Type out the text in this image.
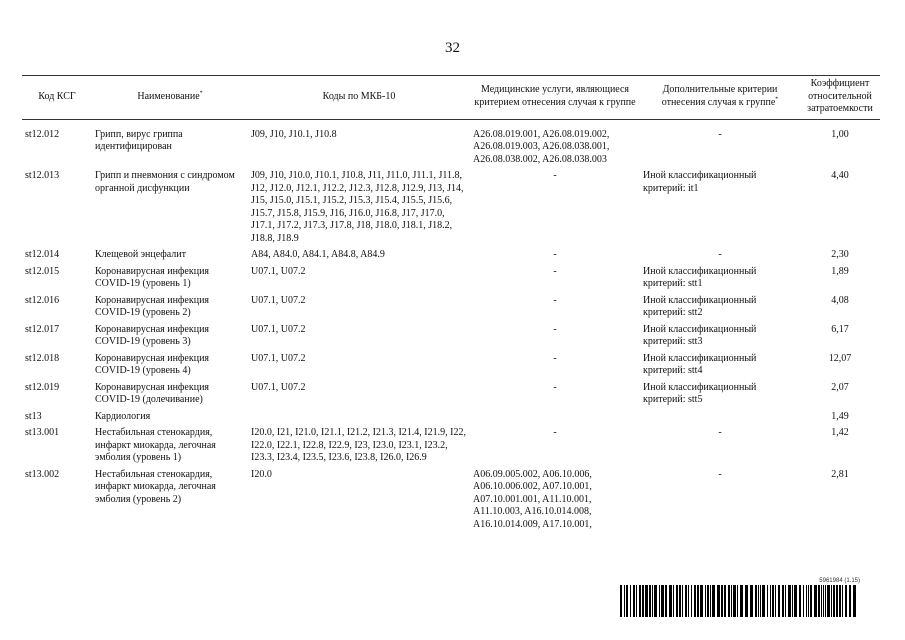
32
Код КСГ	Наименование*	Коды по МКБ-10	Медицинские услуги, являющиеся критерием отнесения случая к группе	Дополнительные критерии отнесения случая к группе*	Коэффициент относительной затратоемкости
st12.012	Грипп, вирус гриппа идентифицирован	J09, J10, J10.1, J10.8	A26.08.019.001, A26.08.019.002, A26.08.019.003, A26.08.038.001, A26.08.038.002, A26.08.038.003	-	1,00
st12.013	Грипп и пневмония с синдромом органной дисфункции	J09, J10, J10.0, J10.1, J10.8, J11, J11.0, J11.1, J11.8, J12, J12.0, J12.1, J12.2, J12.3, J12.8, J12.9, J13, J14, J15, J15.0, J15.1, J15.2, J15.3, J15.4, J15.5, J15.6, J15.7, J15.8, J15.9, J16, J16.0, J16.8, J17, J17.0, J17.1, J17.2, J17.3, J17.8, J18, J18.0, J18.1, J18.2, J18.8, J18.9	-	Иной классификационный критерий: it1	4,40
st12.014	Клещевой энцефалит	A84, A84.0, A84.1, A84.8, A84.9	-	-	2,30
st12.015	Коронавирусная инфекция COVID-19 (уровень 1)	U07.1, U07.2	-	Иной классификационный критерий: stt1	1,89
st12.016	Коронавирусная инфекция COVID-19 (уровень 2)	U07.1, U07.2	-	Иной классификационный критерий: stt2	4,08
st12.017	Коронавирусная инфекция COVID-19 (уровень 3)	U07.1, U07.2	-	Иной классификационный критерий: stt3	6,17
st12.018	Коронавирусная инфекция COVID-19 (уровень 4)	U07.1, U07.2	-	Иной классификационный критерий: stt4	12,07
st12.019	Коронавирусная инфекция COVID-19 (долечивание)	U07.1, U07.2	-	Иной классификационный критерий: stt5	2,07
st13	Кардиология				1,49
st13.001	Нестабильная стенокардия, инфаркт миокарда, легочная эмболия (уровень 1)	I20.0, I21, I21.0, I21.1, I21.2, I21.3, I21.4, I21.9, I22, I22.0, I22.1, I22.8, I22.9, I23, I23.0, I23.1, I23.2, I23.3, I23.4, I23.5, I23.6, I23.8, I26.0, I26.9	-	-	1,42
st13.002	Нестабильная стенокардия, инфаркт миокарда, легочная эмболия (уровень 2)	I20.0	A06.09.005.002, A06.10.006, A06.10.006.002, A07.10.001, A07.10.001.001, A11.10.001, A11.10.003, A16.10.014.008, A16.10.014.009, A17.10.001,	-	2,81
5961984 (1.15)
